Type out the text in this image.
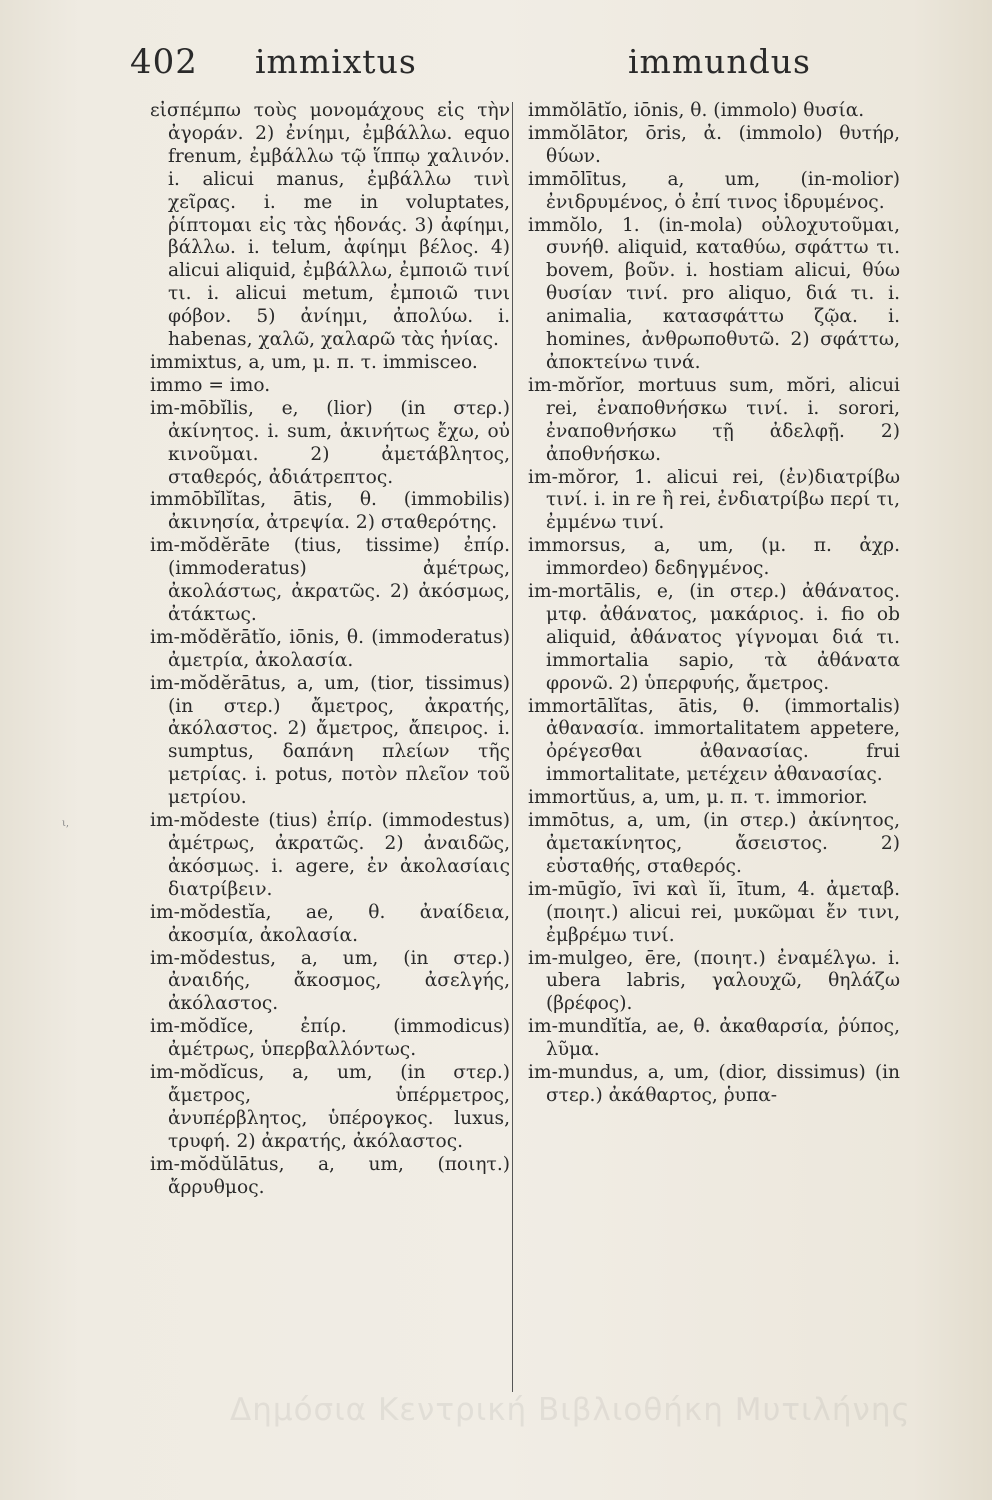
402 immixtus	immundus
ι,

εἰσπέμπω τοὺς μονομάχους εἰς τὴν ἀγοράν. 2) ἐνίημι, ἐμβάλλω. equo frenum, ἐμβάλλω τῷ ἵππῳ χαλινόν. i. alicui manus, ἐμβάλλω τινὶ χεῖρας. i. me in voluptates, ῥίπτομαι εἰς τὰς ἡδονάς. 3) ἀφίημι, βάλλω. i. telum, ἀφίημι βέλος. 4) alicui aliquid, ἐμβάλλω, ἐμποιῶ τινί τι. i. alicui metum, ἐμποιῶ τινι φόβον. 5) ἀνίημι, ἀπολύω. i. habenas, χαλῶ, χαλαρῶ τὰς ἡνίας.

immixtus, a, um, μ. π. τ. immisceo.

immo = imo.

im-mōbĭlis, e, (lior) (in στερ.) ἀκίνητος. i. sum, ἀκινήτως ἔχω, οὐ κινοῦμαι. 2) ἀμετάβλητος, σταθερός, ἀδιάτρεπτος.

immōbĭlĭtas, ātis, θ. (immobilis) ἀκινησία, ἀτρεψία. 2) σταθερότης.

im-mŏdĕrāte (tius, tissime) ἐπίρ. (immoderatus) ἀμέτρως, ἀκολάστως, ἀκρατῶς. 2) ἀκόσμως, ἀτάκτως.

im-mŏdĕrātĭo, iōnis, θ. (immoderatus) ἀμετρία, ἀκολασία.

im-mŏdĕrātus, a, um, (tior, tissimus) (in στερ.) ἄμετρος, ἀκρατής, ἀκόλαστος. 2) ἄμετρος, ἄπειρος. i. sumptus, δαπάνη πλείων τῆς μετρίας. i. potus, ποτὸν πλεῖον τοῦ μετρίου.

im-mŏdeste (tius) ἐπίρ. (immodestus) ἀμέτρως, ἀκρατῶς. 2) ἀναιδῶς, ἀκόσμως. i. agere, ἐν ἀκολασίαις διατρίβειν.

im-mŏdestĭa, ae, θ. ἀναίδεια, ἀκοσμία, ἀκολασία.

im-mŏdestus, a, um, (in στερ.) ἀναιδής, ἄκοσμος, ἀσελγής, ἀκόλαστος.

im-mŏdĭce, ἐπίρ. (immodicus) ἀμέτρως, ὑπερβαλλόντως.

im-mŏdĭcus, a, um, (in στερ.) ἄμετρος, ὑπέρμετρος, ἀνυπέρβλητος, ὑπέρογκος. luxus, τρυφή. 2) ἀκρατής, ἀκόλαστος.

im-mŏdŭlātus, a, um, (ποιητ.) ἄρρυθμος.

immŏlātĭo, iōnis, θ. (immolo) θυσία.

immŏlātor, ōris, ἀ. (immolo) θυτήρ, θύων.

immōlītus, a, um, (in-molior) ἐνιδρυμένος, ὁ ἐπί τινος ἱδρυμένος.

immŏlo, 1. (in-mola) οὐλοχυτοῦμαι, συνήθ. aliquid, καταθύω, σφάττω τι. bovem, βοῦν. i. hostiam alicui, θύω θυσίαν τινί. pro aliquo, διά τι. i. animalia, κατασφάττω ζῷα. i. homines, ἀνθρωποθυτῶ. 2) σφάττω, ἀποκτείνω τινά.

im-mŏrĭor, mortuus sum, mŏri, alicui rei, ἐναποθνήσκω τινί. i. sorori, ἐναποθνήσκω τῇ ἀδελφῇ. 2) ἀποθνήσκω.

im-mŏror, 1. alicui rei, (ἐν)διατρίβω τινί. i. in re ἢ rei, ἐνδιατρίβω περί τι, ἐμμένω τινί.

immorsus, a, um, (μ. π. ἀχρ. immordeo) δεδηγμένος.

im-mortālis, e, (in στερ.) ἀθάνατος. μτφ. ἀθάνατος, μακάριος. i. fio ob aliquid, ἀθάνατος γίγνομαι διά τι. immortalia sapio, τὰ ἀθάνατα φρονῶ. 2) ὑπερφυής, ἄμετρος.

immortālĭtas, ātis, θ. (immortalis) ἀθανασία. immortalitatem appetere, ὀρέγεσθαι ἀθανασίας. frui immortalitate, μετέχειν ἀθανασίας.

immortŭus, a, um, μ. π. τ. immorior.

immōtus, a, um, (in στερ.) ἀκίνητος, ἀμετακίνητος, ἄσειστος. 2) εὐσταθής, σταθερός.

im-mūgĭo, īvi καὶ ĭi, ītum, 4. ἀμεταβ. (ποιητ.) alicui rei, μυκῶμαι ἔν τινι, ἐμβρέμω τινί.

im-mulgeo, ēre, (ποιητ.) ἐναμέλγω. i. ubera labris, γαλουχῶ, θηλάζω (βρέφος).

im-mundĭtĭa, ae, θ. ἀκαθαρσία, ῥύπος, λῦμα.

im-mundus, a, um, (dior, dissimus) (in στερ.) ἀκάθαρτος, ῥυπα-

Δημόσια Κεντρική Βιβλιοθήκη Μυτιλήνης
